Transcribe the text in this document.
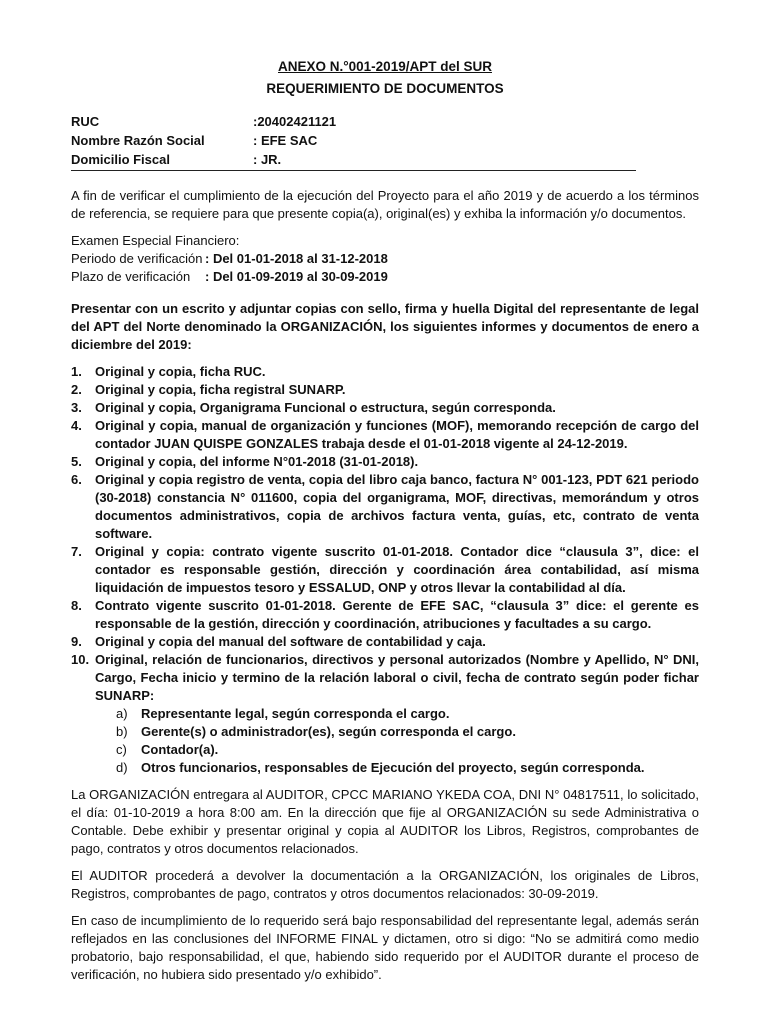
ANEXO N.°001-2019/APT del SUR
REQUERIMIENTO DE DOCUMENTOS
RUC	:20402421121
Nombre Razón Social	: EFE SAC
Domicilio Fiscal	: JR.

A fin de verificar el cumplimiento de la ejecución del Proyecto para el año 2019 y de acuerdo a los términos de referencia, se requiere para que presente copia(a), original(es) y exhiba la información y/o documentos.

Examen Especial Financiero:
Periodo de verificación : Del 01-01-2018 al 31-12-2018
Plazo de verificación	: Del 01-09-2019 al 30-09-2019

Presentar con un escrito y adjuntar copias con sello, firma y huella Digital del representante de legal del APT del Norte denominado la ORGANIZACIÓN, los siguientes informes y documentos de enero a diciembre del 2019:

1.	Original y copia, ficha RUC.
2.	Original y copia, ficha registral SUNARP.
3.	Original y copia, Organigrama Funcional o estructura, según corresponda.
4.	Original y copia, manual de organización y funciones (MOF), memorando recepción de cargo del contador JUAN QUISPE GONZALES trabaja desde el 01-01-2018 vigente al 24-12-2019.
5.	Original y copia, del informe N°01-2018 (31-01-2018).
6.	Original y copia registro de venta, copia del libro caja banco, factura N° 001-123, PDT 621 periodo (30-2018) constancia N° 011600, copia del organigrama, MOF, directivas, memorándum y otros documentos administrativos, copia de archivos factura venta, guías, etc, contrato de venta software.
7.	Original y copia: contrato vigente suscrito 01-01-2018. Contador dice “clausula 3”, dice: el contador es responsable gestión, dirección y coordinación área contabilidad, así misma liquidación de impuestos tesoro y ESSALUD, ONP y otros llevar la contabilidad al día.
8.	Contrato vigente suscrito 01-01-2018. Gerente de EFE SAC, “clausula 3” dice: el gerente es responsable de la gestión, dirección y coordinación, atribuciones y facultades a su cargo.
9.	Original y copia del manual del software de contabilidad y caja.
10. Original, relación de funcionarios, directivos y personal autorizados (Nombre y Apellido, N° DNI, Cargo, Fecha inicio y termino de la relación laboral o civil, fecha de contrato según poder fichar SUNARP:
a)	Representante legal, según corresponda el cargo.
b)	Gerente(s) o administrador(es), según corresponda el cargo.
c)	Contador(a).
d)	Otros funcionarios, responsables de Ejecución del proyecto, según corresponda.

La ORGANIZACIÓN entregara al AUDITOR, CPCC MARIANO YKEDA COA, DNI N° 04817511, lo solicitado, el día: 01-10-2019 a hora 8:00 am. En la dirección que fije al ORGANIZACIÓN su sede Administrativa o Contable. Debe exhibir y presentar original y copia al AUDITOR los Libros, Registros, comprobantes de pago, contratos y otros documentos relacionados.

El AUDITOR procederá a devolver la documentación a la ORGANIZACIÓN, los originales de Libros, Registros, comprobantes de pago, contratos y otros documentos relacionados: 30-09-2019.

En caso de incumplimiento de lo requerido será bajo responsabilidad del representante legal, además serán reflejados en las conclusiones del INFORME FINAL y dictamen, otro si digo: “No se admitirá como medio probatorio, bajo responsabilidad, el que, habiendo sido requerido por el AUDITOR durante el proceso de verificación, no hubiera sido presentado y/o exhibido”.
